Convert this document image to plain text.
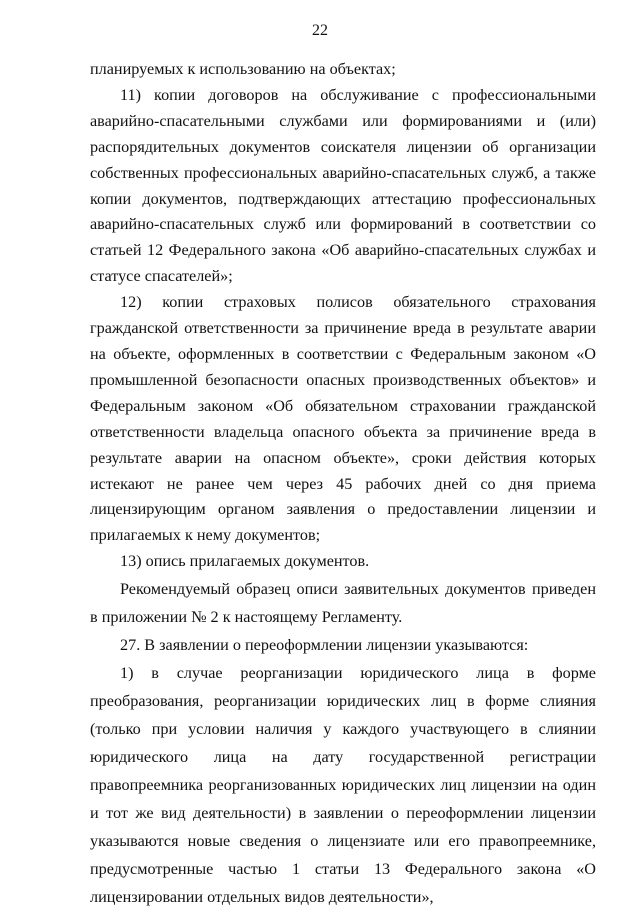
22

планируемых к использованию на объектах;

11) копии договоров на обслуживание с профессиональными аварийно-спасательными службами или формированиями и (или) распорядительных документов соискателя лицензии об организации собственных профессиональных аварийно-спасательных служб, а также копии документов, подтверждающих аттестацию профессиональных аварийно-спасательных служб или формирований в соответствии со статьей 12 Федерального закона «Об аварийно-спасательных службах и статусе спасателей»;

12) копии страховых полисов обязательного страхования гражданской ответственности за причинение вреда в результате аварии на объекте, оформленных в соответствии с Федеральным законом «О промышленной безопасности опасных производственных объектов» и Федеральным законом «Об обязательном страховании гражданской ответственности владельца опасного объекта за причинение вреда в результате аварии на опасном объекте», сроки действия которых истекают не ранее чем через 45 рабочих дней со дня приема лицензирующим органом заявления о предоставлении лицензии и прилагаемых к нему документов;

13) опись прилагаемых документов.

Рекомендуемый образец описи заявительных документов приведен в приложении № 2 к настоящему Регламенту.

27. В заявлении о переоформлении лицензии указываются:

1) в случае реорганизации юридического лица в форме преобразования, реорганизации юридических лиц в форме слияния (только при условии наличия у каждого участвующего в слиянии юридического лица на дату государственной регистрации правопреемника реорганизованных юридических лиц лицензии на один и тот же вид деятельности) в заявлении о переоформлении лицензии указываются новые сведения о лицензиате или его правопреемнике, предусмотренные частью 1 статьи 13 Федерального закона «О лицензировании отдельных видов деятельности»,
